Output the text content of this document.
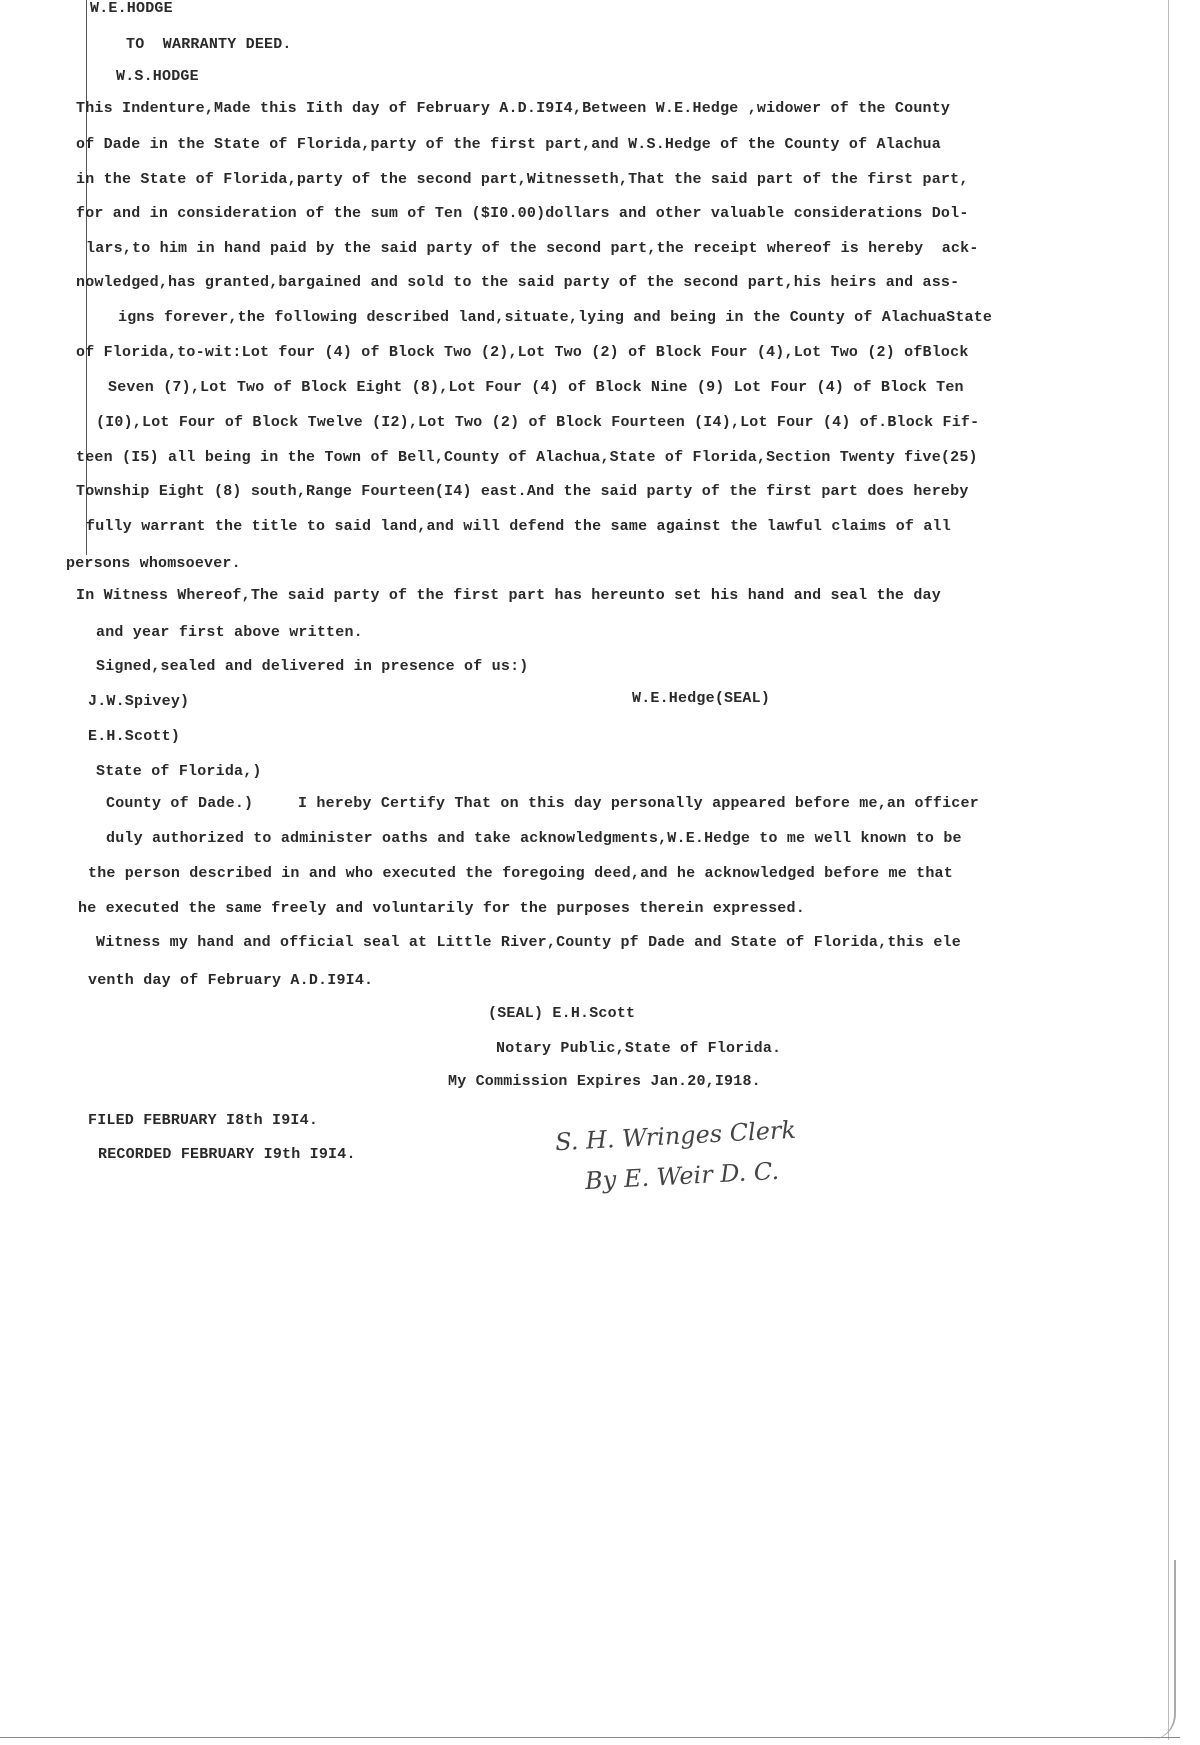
W.E.HODGE
TO  WARRANTY DEED.
W.S.HODGE
This Indenture,Made this Iith day of February A.D.I9I4,Between W.E.Hedge ,widower of the County
of Dade in the State of Florida,party of the first part,and W.S.Hedge of the County of Alachua
in the State of Florida,party of the second part,Witnesseth,That the said part of the first part,
for and in consideration of the sum of Ten ($I0.00)dollars and other valuable considerations Dol-
lars,to him in hand paid by the said party of the second part,the receipt whereof is hereby  ack-
nowledged,has granted,bargained and sold to the said party of the second part,his heirs and ass-
igns forever,the following described land,situate,lying and being in the County of AlachuaState
of Florida,to-wit:Lot four (4) of Block Two (2),Lot Two (2) of Block Four (4),Lot Two (2) ofBlock
Seven (7),Lot Two of Block Eight (8),Lot Four (4) of Block Nine (9) Lot Four (4) of Block Ten
(I0),Lot Four of Block Twelve (I2),Lot Two (2) of Block Fourteen (I4),Lot Four (4) of.Block Fif-
teen (I5) all being in the Town of Bell,County of Alachua,State of Florida,Section Twenty five(25)
Township Eight (8) south,Range Fourteen(I4) east.And the said party of the first part does hereby
fully warrant the title to said land,and will defend the same against the lawful claims of all
persons whomsoever.
In Witness Whereof,The said party of the first part has hereunto set his hand and seal the day
and year first above written.
Signed,sealed and delivered in presence of us:)
J.W.Spivey)	W.E.Hedge(SEAL)
E.H.Scott)
State of Florida,)
County of Dade.)	I hereby Certify That on this day personally appeared before me,an officer
duly authorized to administer oaths and take acknowledgments,W.E.Hedge to me well known to be
the person described in and who executed the foregoing deed,and he acknowledged before me that
he executed the same freely and voluntarily for the purposes therein expressed.
Witness my hand and official seal at Little River,County pf Dade and State of Florida,this ele
venth day of February A.D.I9I4.
(SEAL) E.H.Scott
Notary Public,State of Florida.
My Commission Expires Jan.20,I918.
FILED FEBRUARY I8th I9I4.
RECORDED FEBRUARY I9th I9I4.	S. H. Wringes Clerk
By E. Weir D. C.
